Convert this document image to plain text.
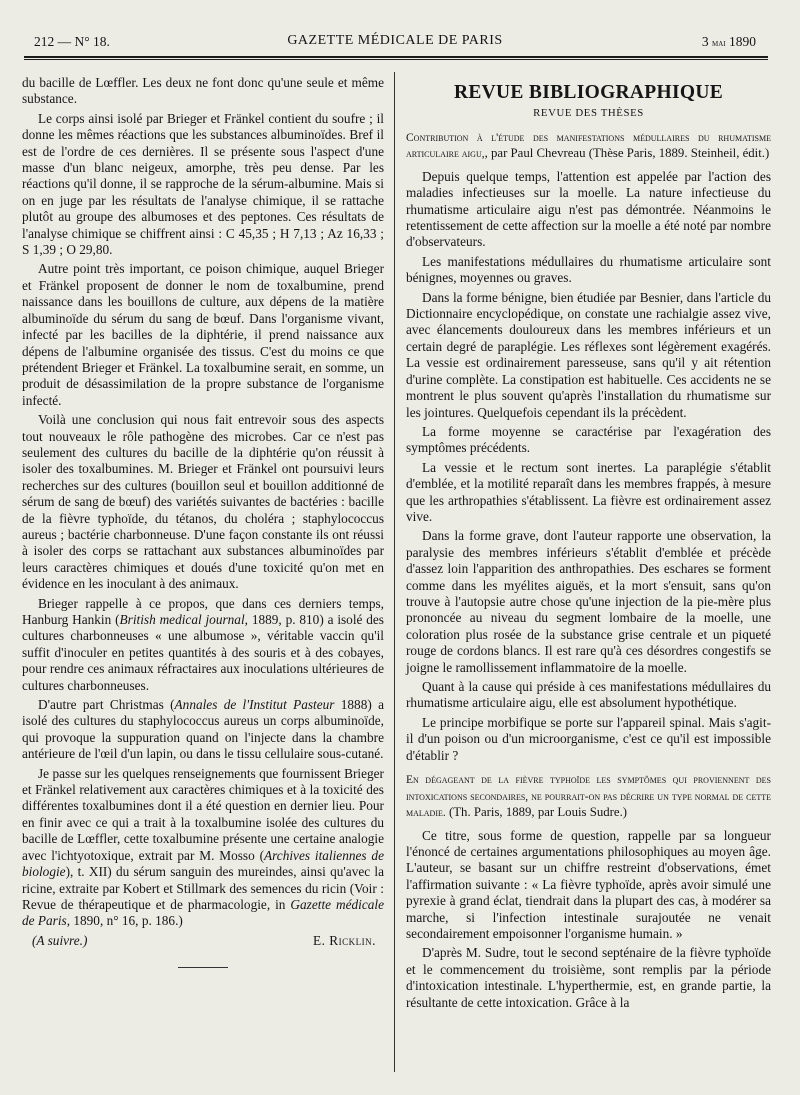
212 — N° 18.	GAZETTE MÉDICALE DE PARIS	3 mai 1890

du bacille de Lœffler. Les deux ne font donc qu'une seule et même substance.

Le corps ainsi isolé par Brieger et Fränkel contient du soufre ; il donne les mêmes réactions que les substances albuminoïdes. Bref il est de l'ordre de ces dernières. Il se présente sous l'aspect d'une masse d'un blanc neigeux, amorphe, très peu dense. Par les réactions qu'il donne, il se rapproche de la sérum-albumine. Mais si on en juge par les résultats de l'analyse chimique, il se rattache plutôt au groupe des albumoses et des peptones. Ces résultats de l'analyse chimique se chiffrent ainsi : C 45,35 ; H 7,13 ; Az 16,33 ; S 1,39 ; O 29,80.

Autre point très important, ce poison chimique, auquel Brieger et Fränkel proposent de donner le nom de toxalbumine, prend naissance dans les bouillons de culture, aux dépens de la matière albuminoïde du sérum du sang de bœuf. Dans l'organisme vivant, infecté par les bacilles de la diphtérie, il prend naissance aux dépens de l'albumine organisée des tissus. C'est du moins ce que prétendent Brieger et Fränkel. La toxalbumine serait, en somme, un produit de désassimilation de la propre substance de l'organisme infecté.

Voilà une conclusion qui nous fait entrevoir sous des aspects tout nouveaux le rôle pathogène des microbes. Car ce n'est pas seulement des cultures du bacille de la diphtérie qu'on réussit à isoler des toxalbumines. M. Brieger et Fränkel ont poursuivi leurs recherches sur des cultures (bouillon seul et bouillon additionné de sérum de sang de bœuf) des variétés suivantes de bactéries : bacille de la fièvre typhoïde, du tétanos, du choléra ; staphylococcus aureus ; bactérie charbonneuse. D'une façon constante ils ont réussi à isoler des corps se rattachant aux substances albuminoïdes par leurs caractères chimiques et doués d'une toxicité qu'on met en évidence en les inoculant à des animaux.

Brieger rappelle à ce propos, que dans ces derniers temps, Hanburg Hankin (British medical journal, 1889, p. 810) a isolé des cultures charbonneuses « une albumose », véritable vaccin qu'il suffit d'inoculer en petites quantités à des souris et à des cobayes, pour rendre ces animaux réfractaires aux inoculations ultérieures de cultures charbonneuses.

D'autre part Christmas (Annales de l'Institut Pasteur 1888) a isolé des cultures du staphylococcus aureus un corps albuminoïde, qui provoque la suppuration quand on l'injecte dans la chambre antérieure de l'œil d'un lapin, ou dans le tissu cellulaire sous-cutané.

Je passe sur les quelques renseignements que fournissent Brieger et Fränkel relativement aux caractères chimiques et à la toxicité des différentes toxalbumines dont il a été question en dernier lieu. Pour en finir avec ce qui a trait à la toxalbumine isolée des cultures du bacille de Lœffler, cette toxalbumine présente une certaine analogie avec l'ichtyotoxique, extrait par M. Mosso (Archives italiennes de biologie), t. XII) du sérum sanguin des mureindes, ainsi qu'avec la ricine, extraite par Kobert et Stillmark des semences du ricin (Voir : Revue de thérapeutique et de pharmacologie, in Gazette médicale de Paris, 1890, n° 16, p. 186.)

(A suivre.)	E. Ricklin.
REVUE BIBLIOGRAPHIQUE
REVUE DES THÈSES

Contribution à l'étude des manifestations médullaires du rhumatisme articulaire aigu,, par Paul Chevreau (Thèse Paris, 1889. Steinheil, édit.)

Depuis quelque temps, l'attention est appelée par l'action des maladies infectieuses sur la moelle. La nature infectieuse du rhumatisme articulaire aigu n'est pas démontrée. Néanmoins le retentissement de cette affection sur la moelle a été noté par nombre d'observateurs.

Les manifestations médullaires du rhumatisme articulaire sont bénignes, moyennes ou graves.

Dans la forme bénigne, bien étudiée par Besnier, dans l'article du Dictionnaire encyclopédique, on constate une rachialgie assez vive, avec élancements douloureux dans les membres inférieurs et un certain degré de paraplégie. Les réflexes sont légèrement exagérés. La vessie est ordinairement paresseuse, sans qu'il y ait rétention d'urine complète. La constipation est habituelle. Ces accidents ne se montrent le plus souvent qu'après l'installation du rhumatisme sur les jointures. Quelquefois cependant ils la précèdent.

La forme moyenne se caractérise par l'exagération des symptômes précédents.

La vessie et le rectum sont inertes. La paraplégie s'établit d'emblée, et la motilité reparaît dans les membres frappés, à mesure que les arthropathies s'établissent. La fièvre est ordinairement assez vive.

Dans la forme grave, dont l'auteur rapporte une observation, la paralysie des membres inférieurs s'établit d'emblée et précède d'assez loin l'apparition des anthropathies. Des eschares se forment comme dans les myélites aiguës, et la mort s'ensuit, sans qu'on trouve à l'autopsie autre chose qu'une injection de la pie-mère plus prononcée au niveau du segment lombaire de la moelle, une coloration plus rosée de la substance grise centrale et un piqueté rouge de cordons blancs. Il est rare qu'à ces désordres congestifs se joigne le ramollissement inflammatoire de la moelle.

Quant à la cause qui préside à ces manifestations médullaires du rhumatisme articulaire aigu, elle est absolument hypothétique.

Le principe morbifique se porte sur l'appareil spinal. Mais s'agit-il d'un poison ou d'un microorganisme, c'est ce qu'il est impossible d'établir ?

En dégageant de la fièvre typhoïde les symptômes qui proviennent des intoxications secondaires, ne pourrait-on pas décrire un type normal de cette maladie. (Th. Paris, 1889, par Louis Sudre.)

Ce titre, sous forme de question, rappelle par sa longueur l'énoncé de certaines argumentations philosophiques au moyen âge. L'auteur, se basant sur un chiffre restreint d'observations, émet l'affirmation suivante : « La fièvre typhoïde, après avoir simulé une pyrexie à grand éclat, tiendrait dans la plupart des cas, à modérer sa marche, si l'infection intestinale surajoutée ne venait secondairement empoisonner l'organisme humain. »

D'après M. Sudre, tout le second septénaire de la fièvre typhoïde et le commencement du troisième, sont remplis par la période d'intoxication intestinale. L'hyperthermie, est, en grande partie, la résultante de cette intoxication. Grâce à la
